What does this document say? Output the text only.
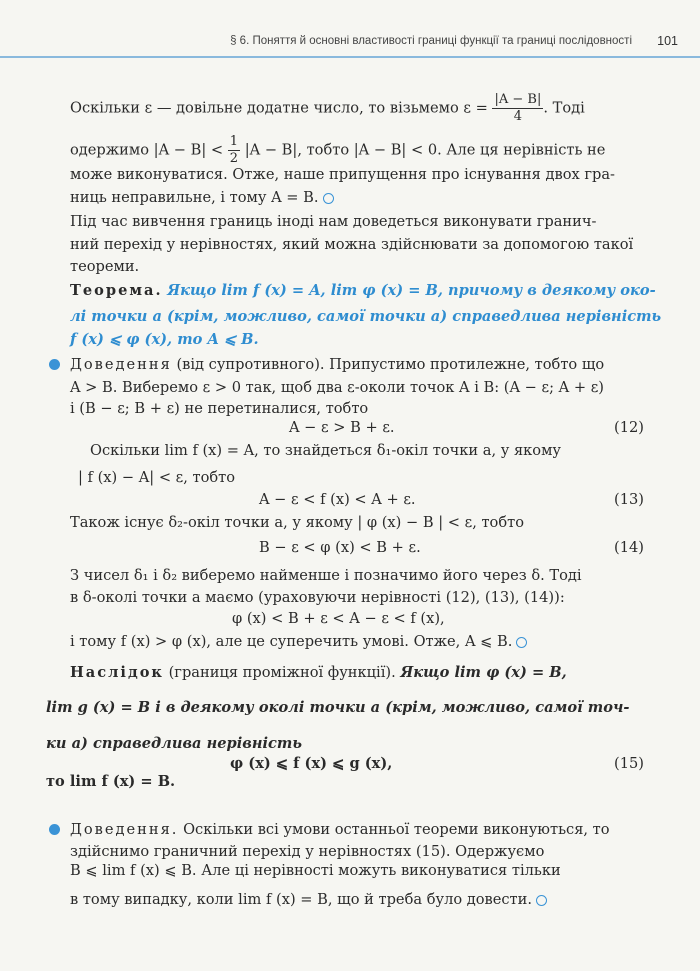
§ 6. Поняття й основні властивості границі функції та границі послідовності 101
Оскільки ε — довільне додатне число, то візьмемо $\varepsilon = \frac{|A - B|}{4}$ . Тоді
одержимо $|A - B| < \frac{1}{2} |A - B|$, тобто |A − B| < 0. Але ця нерівність не
може виконуватися. Отже, наше припущення про існування двох гра-
ниць неправильне, і тому A = B.
Під час вивчення границь іноді нам доведеться виконувати гранич-
ний перехід у нерівностях, який можна здійснювати за допомогою такої
теореми.
Теорема. Якщо lim f (x) = A, lim φ (x) = B, причому в деякому око-
лі точки a (крім, можливо, самої точки a) справедлива нерівність
f (x) ⩽ φ (x), то A ⩽ B.
Доведення (від супротивного). Припустимо протилежне, тобто що
A > B. Виберемо ε > 0 так, щоб два ε-околи точок A і B: (A − ε; A + ε)
і (B − ε; B + ε) не перетиналися, тобто
A − ε > B + ε.	(12)
Оскільки lim f (x) = A, то знайдеться δ₁-окіл точки a, у якому
| f (x) − A| < ε, тобто
A − ε < f (x) < A + ε.	(13)
Також існує δ₂-окіл точки a, у якому | φ (x) − B | < ε, тобто
B − ε < φ (x) < B + ε.	(14)
З чисел δ₁ і δ₂ виберемо найменше і позначимо його через δ. Тоді
в δ-околі точки a маємо (ураховуючи нерівності (12), (13), (14)):
φ (x) < B + ε < A − ε < f (x),
і тому f (x) > φ (x), але це суперечить умові. Отже, A ⩽ B.
Наслідок (границя проміжної функції). Якщо lim φ (x) = B,
lim g (x) = B і в деякому околі точки a (крім, можливо, самої точ-
ки a) справедлива нерівність
φ (x) ⩽ f (x) ⩽ g (x),	(15)
то lim f (x) = B.
Доведення. Оскільки всі умови останньої теореми виконуються, то
здійснимо граничний перехід у нерівностях (15). Одержуємо
B ⩽ lim f (x) ⩽ B. Але ці нерівності можуть виконуватися тільки
в тому випадку, коли lim f (x) = B, що й треба було довести.
